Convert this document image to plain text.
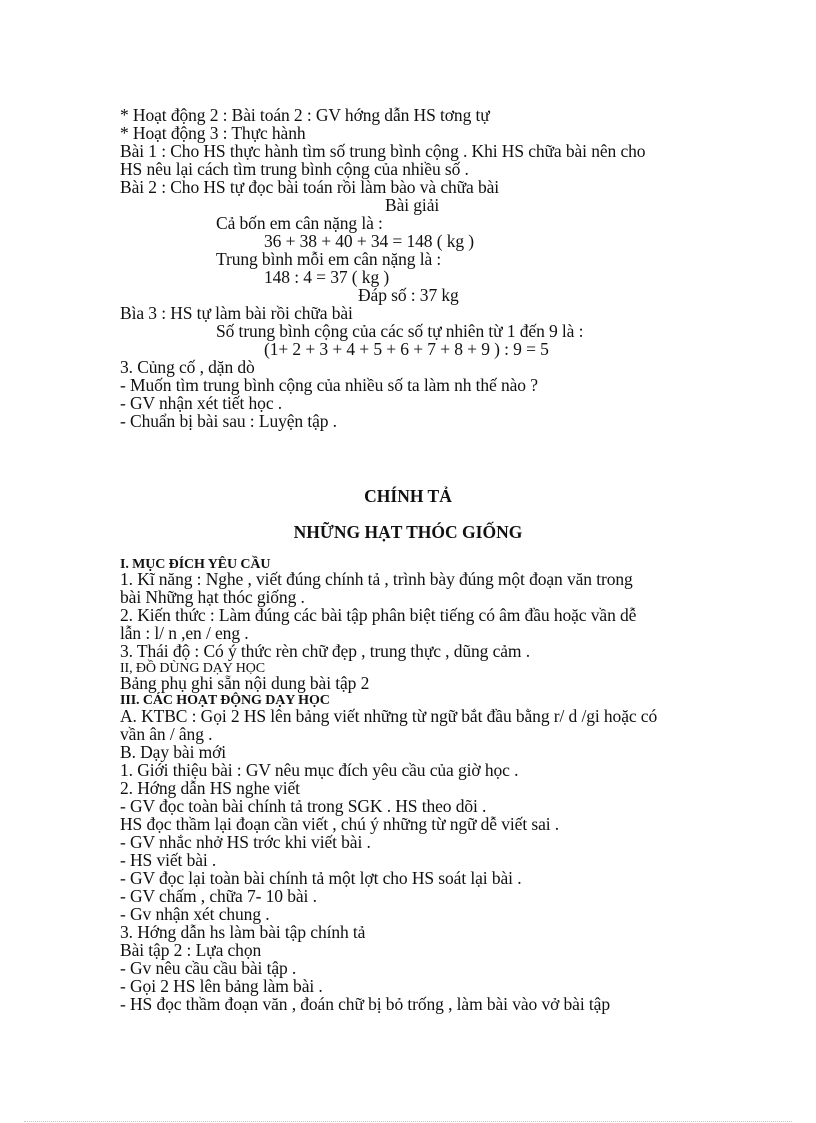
* Hoạt động 2 : Bài toán 2 : GV hớng dẫn HS tơng tự
* Hoạt động 3 : Thực hành
Bài 1 : Cho HS thực hành tìm số trung bình cộng . Khi HS chữa bài nên cho
HS nêu lại cách tìm trung bình cộng của nhiều số .
Bài 2 : Cho HS tự đọc bài toán rồi làm bào và chữa bài
Bài giải
Cả bốn em cân nặng là :
36 + 38 + 40 + 34 = 148 ( kg )
Trung bình mỗi em cân nặng là :
148 : 4 = 37 ( kg )
Đáp số : 37 kg
Bìa 3 : HS tự làm bài rồi chữa bài
Số trung bình cộng của các số tự nhiên từ 1 đến 9 là :
(1+ 2 + 3 + 4 + 5 + 6 + 7 + 8 + 9 ) : 9 = 5
3. Củng cố , dặn dò
- Muốn tìm trung bình cộng của nhiều số ta làm nh thế nào ?
- GV nhận xét tiết học .
- Chuẩn bị bài sau : Luyện tập .
CHÍNH TẢ
NHỮNG HẠT THÓC GIỐNG
I. MỤC ĐÍCH YÊU CẦU
1. Kĩ năng : Nghe , viết đúng chính tả , trình bày đúng một đoạn văn trong
bài Những hạt thóc giống .
2. Kiến thức : Làm đúng các bài tập phân biệt tiếng có âm đầu hoặc vần dễ
lẫn : l/ n ,en / eng .
3. Thái độ : Có ý thức rèn chữ đẹp , trung thực , dũng cảm .
II, ĐỒ DÙNG DẠY HỌC
Bảng phụ ghi sẵn nội dung bài tập 2
III. CÁC HOẠT ĐỘNG DẠY HỌC
A. KTBC : Gọi 2 HS lên bảng viết những từ ngữ bắt đầu bằng r/ d /gi hoặc có
vần ân / âng .
B. Dạy bài mới
1. Giới thiệu bài : GV nêu mục đích yêu cầu của giờ học .
2. Hớng dẫn HS nghe viết
- GV đọc toàn bài chính tả trong SGK . HS theo dõi .
HS đọc thầm lại đoạn cần viết , chú ý những từ ngữ dễ viết sai .
- GV nhắc nhở HS trớc khi viết bài .
- HS viết bài .
- GV đọc lại toàn bài chính tả một lợt cho HS soát lại bài .
- GV chấm , chữa 7- 10 bài .
- Gv nhận xét chung .
3. Hớng dẫn hs làm bài tập chính tả
Bài tập 2 : Lựa chọn
- Gv nêu cầu cầu bài tập .
- Gọi 2 HS lên bảng làm bài .
- HS đọc thầm đoạn văn , đoán chữ bị bỏ trống , làm bài vào vở bài tập
